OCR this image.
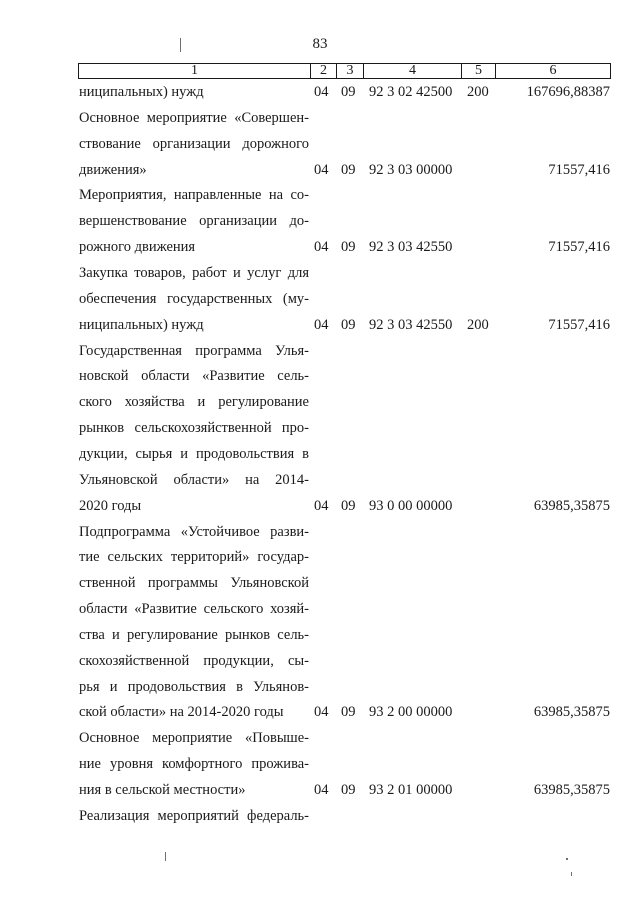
83
1	2	3	4	5	6
ниципальных) нужд	04 09 92 3 02 42500 200	167696,88387
Основное мероприятие «Совершен-
ствование организации дорожного
движения»	04 09 92 3 03 00000	71557,416
Мероприятия, направленные на со-
вершенствование организации до-
рожного движения	04 09 92 3 03 42550	71557,416
Закупка товаров, работ и услуг для
обеспечения государственных (му-
ниципальных) нужд	04 09 92 3 03 42550 200	71557,416
Государственная программа Улья-
новской области «Развитие сель-
ского хозяйства и регулирование
рынков сельскохозяйственной про-
дукции, сырья и продовольствия в
Ульяновской области» на 2014-
2020 годы	04 09 93 0 00 00000	63985,35875
Подпрограмма «Устойчивое разви-
тие сельских территорий» государ-
ственной программы Ульяновской
области «Развитие сельского хозяй-
ства и регулирование рынков сель-
скохозяйственной продукции, сы-
рья и продовольствия в Ульянов-
ской области» на 2014-2020 годы	04 09 93 2 00 00000	63985,35875
Основное мероприятие «Повыше-
ние уровня комфортного прожива-
ния в сельской местности»	04 09 93 2 01 00000	63985,35875
Реализация мероприятий федераль-
